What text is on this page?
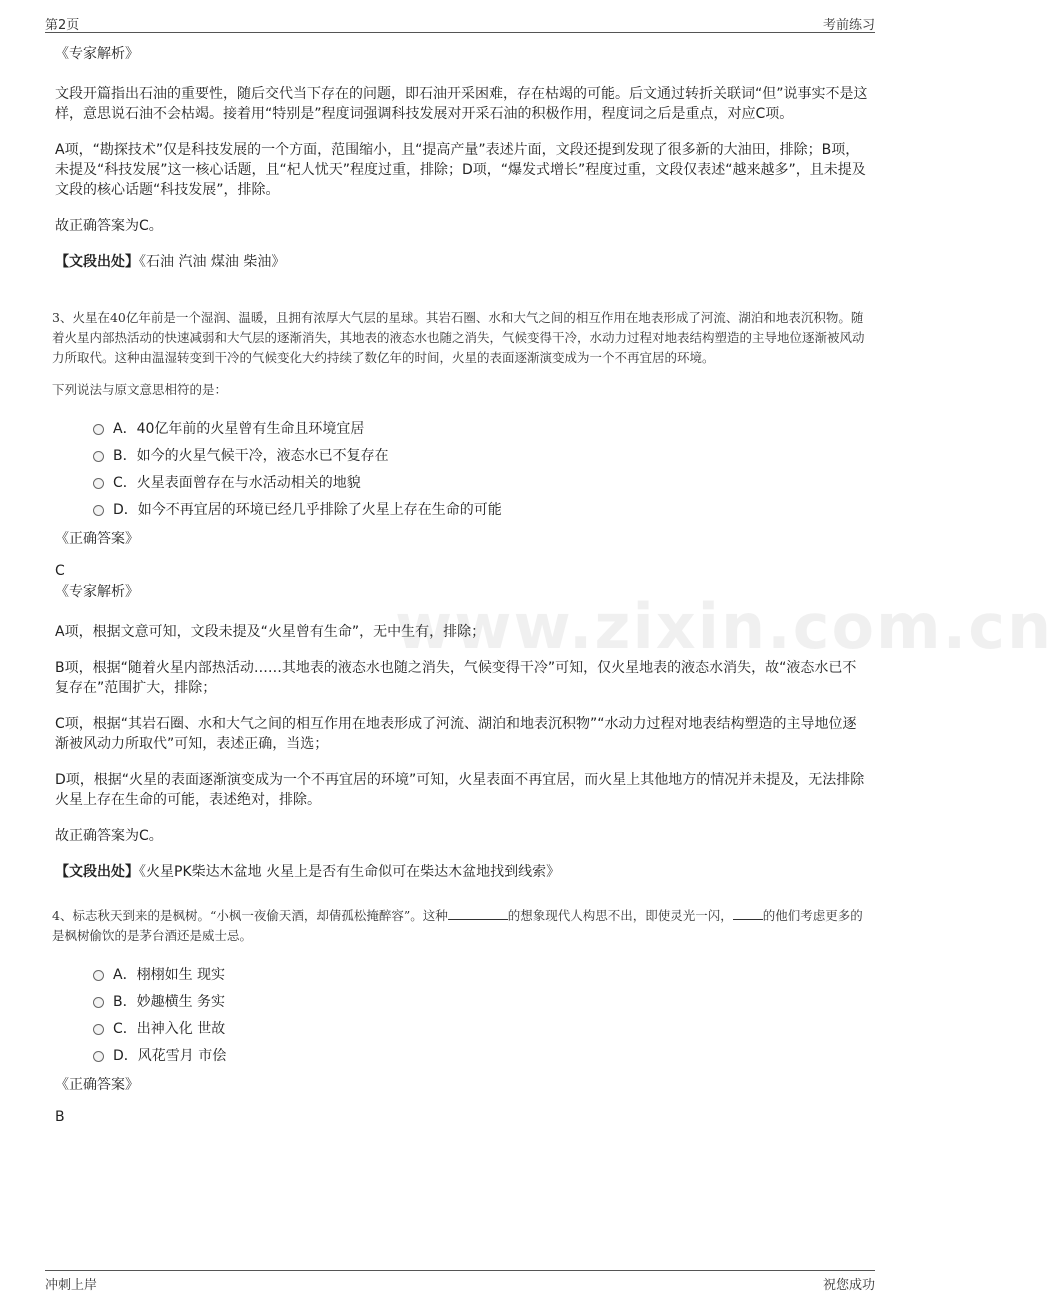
第2页	考前练习
www.zixin.com.cn

《专家解析》

文段开篇指出石油的重要性，随后交代当下存在的问题，即石油开采困难，存在枯竭的可能。后文通过转折关联词“但”说事实不是这样，意思说石油不会枯竭。接着用“特别是”程度词强调科技发展对开采石油的积极作用，程度词之后是重点，对应C项。

A项，“勘探技术”仅是科技发展的一个方面，范围缩小，且“提高产量”表述片面，文段还提到发现了很多新的大油田，排除；B项，未提及“科技发展”这一核心话题，且“杞人忧天”程度过重，排除；D项，“爆发式增长”程度过重，文段仅表述“越来越多”，且未提及文段的核心话题“科技发展”，排除。

故正确答案为C。

【文段出处】《石油 汽油 煤油 柴油》

3、火星在40亿年前是一个湿润、温暖，且拥有浓厚大气层的星球。其岩石圈、水和大气之间的相互作用在地表形成了河流、湖泊和地表沉积物。随着火星内部热活动的快速减弱和大气层的逐渐消失，其地表的液态水也随之消失，气候变得干冷，水动力过程对地表结构塑造的主导地位逐渐被风动力所取代。这种由温湿转变到干冷的气候变化大约持续了数亿年的时间，火星的表面逐渐演变成为一个不再宜居的环境。

下列说法与原文意思相符的是：

A．40亿年前的火星曾有生命且环境宜居
B．如今的火星气候干冷，液态水已不复存在
C．火星表面曾存在与水活动相关的地貌
D．如今不再宜居的环境已经几乎排除了火星上存在生命的可能

《正确答案》

C

《专家解析》

A项，根据文意可知，文段未提及“火星曾有生命”，无中生有，排除；

B项，根据“随着火星内部热活动……其地表的液态水也随之消失，气候变得干冷”可知，仅火星地表的液态水消失，故“液态水已不复存在”范围扩大，排除；

C项，根据“其岩石圈、水和大气之间的相互作用在地表形成了河流、湖泊和地表沉积物”“水动力过程对地表结构塑造的主导地位逐渐被风动力所取代”可知，表述正确，当选；

D项，根据“火星的表面逐渐演变成为一个不再宜居的环境”可知，火星表面不再宜居，而火星上其他地方的情况并未提及，无法排除火星上存在生命的可能，表述绝对，排除。

故正确答案为C。

【文段出处】《火星PK柴达木盆地 火星上是否有生命似可在柴达木盆地找到线索》

4、标志秋天到来的是枫树。“小枫一夜偷天酒，却倩孤松掩醉容”。这种	的想象现代人构思不出，即使灵光一闪， 的他们考虑更多的是枫树偷饮的是茅台酒还是威士忌。

A．栩栩如生 现实
B．妙趣横生 务实
C．出神入化 世故
D．风花雪月 市侩

《正确答案》

B

冲刺上岸	祝您成功
